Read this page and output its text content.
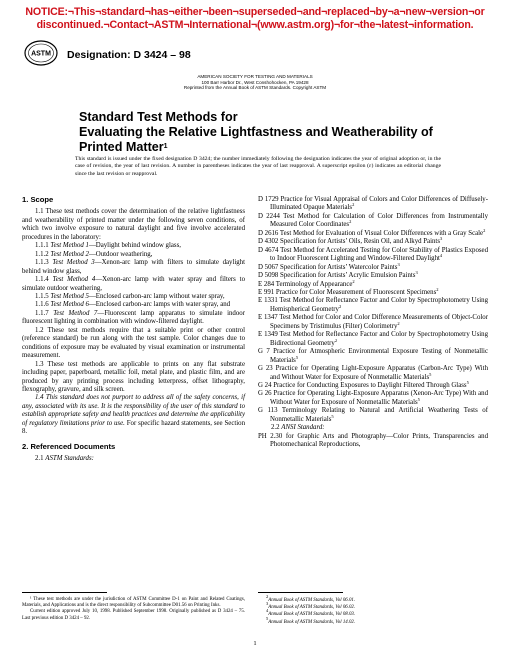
NOTICE:¬This¬standard¬has¬either¬been¬superseded¬and¬replaced¬by¬a¬new¬version¬or
discontinued.¬Contact¬ASTM¬International¬(www.astm.org)¬for¬the¬latest¬information.
ASTM Designation: D 3424 – 98
AMERICAN SOCIETY FOR TESTING AND MATERIALS
100 Barr Harbor Dr., West Conshohocken, PA 19428
Reprinted from the Annual Book of ASTM Standards. Copyright ASTM
Standard Test Methods for
Evaluating the Relative Lightfastness and Weatherability of
Printed Matter$^1$
This standard is issued under the fixed designation D 3424; the number immediately following the designation indicates the year of original adoption or, in the case of revision, the year of last revision. A number in parentheses indicates the year of last reapproval. A superscript epsilon (ε) indicates an editorial change since the last revision or reapproval.
1. Scope

1.1 These test methods cover the determination of the relative lightfastness and weatherability of printed matter under the following seven conditions, of which two involve exposure to natural daylight and five involve accelerated procedures in the laboratory:

1.1.1 Test Method 1—Daylight behind window glass,

1.1.2 Test Method 2—Outdoor weathering,

1.1.3 Test Method 3—Xenon-arc lamp with filters to simulate daylight behind window glass,

1.1.4 Test Method 4—Xenon-arc lamp with water spray and filters to simulate outdoor weathering,

1.1.5 Test Method 5—Enclosed carbon-arc lamp without water spray,

1.1.6 Test Method 6—Enclosed carbon-arc lamps with water spray, and

1.1.7 Test Method 7—Fluorescent lamp apparatus to simulate indoor fluorescent lighting in combination with window-filtered daylight.

1.2 These test methods require that a suitable print or other control (reference standard) be run along with the test sample. Color changes due to conditions of exposure may be evaluated by visual examination or instrumental measurement.

1.3 These test methods are applicable to prints on any flat substrate including paper, paperboard, metallic foil, metal plate, and plastic film, and are produced by any printing process including letterpress, offset lithography, flexography, gravure, and silk screen.

1.4 This standard does not purport to address all of the safety concerns, if any, associated with its use. It is the responsibility of the user of this standard to establish appropriate safety and health practices and determine the applicability of regulatory limitations prior to use. For specific hazard statements, see Section 8.

2. Referenced Documents

2.1 ASTM Standards:

D 1729 Practice for Visual Appraisal of Colors and Color Differences of Diffusely-Illuminated Opaque Materials$^2$

D 2244 Test Method for Calculation of Color Differences from Instrumentally Measured Color Coordinates$^2$

D 2616 Test Method for Evaluation of Visual Color Differences with a Gray Scale$^2$

D 4302 Specification for Artists’ Oils, Resin Oil, and Alkyd Paints$^3$

D 4674 Test Method for Accelerated Testing for Color Stability of Plastics Exposed to Indoor Fluorescent Lighting and Window-Filtered Daylight$^4$

D 5067 Specification for Artists’ Watercolor Paints$^3$

D 5098 Specification for Artists’ Acrylic Emulsion Paints$^3$

E 284 Terminology of Appearance$^2$

E 991 Practice for Color Measurement of Fluorescent Specimens$^2$

E 1331 Test Method for Reflectance Factor and Color by Spectrophotometry Using Hemispherical Geometry$^2$

E 1347 Test Method for Color and Color Difference Measurements of Object-Color Specimens by Tristimulus (Filter) Colorimetry$^2$

E 1349 Test Method for Reflectance Factor and Color by Spectrophotometry Using Bidirectional Geometry$^2$

G 7 Practice for Atmospheric Environmental Exposure Testing of Nonmetallic Materials$^5$

G 23 Practice for Operating Light-Exposure Apparatus (Carbon-Arc Type) With and Without Water for Exposure of Nonmetallic Materials$^5$

G 24 Practice for Conducting Exposures to Daylight Filtered Through Glass$^5$

G 26 Practice for Operating Light-Exposure Apparatus (Xenon-Arc Type) With and Without Water for Exposure of Nonmetallic Materials$^5$

G 113 Terminology Relating to Natural and Artificial Weathering Tests of Nonmetallic Materials$^5$

2.2 ANSI Standard:

PH 2.30 for Graphic Arts and Photography—Color Prints, Transparencies and Photomechanical Reproductions,

¹ These test methods are under the jurisdiction of ASTM Committee D-1 on Paint and Related Coatings, Materials, and Applications and is the direct responsibility of Subcommittee D01.56 on Printing Inks.

Current edition approved July 10, 1998. Published September 1998. Originally published as D 3424 – 75. Last previous edition D 3424 – 92.

$^2$Annual Book of ASTM Standards, Vol 06.01.

$^3$Annual Book of ASTM Standards, Vol 06.02.

$^4$Annual Book of ASTM Standards, Vol 08.03.

$^5$Annual Book of ASTM Standards, Vol 14.02.

1
